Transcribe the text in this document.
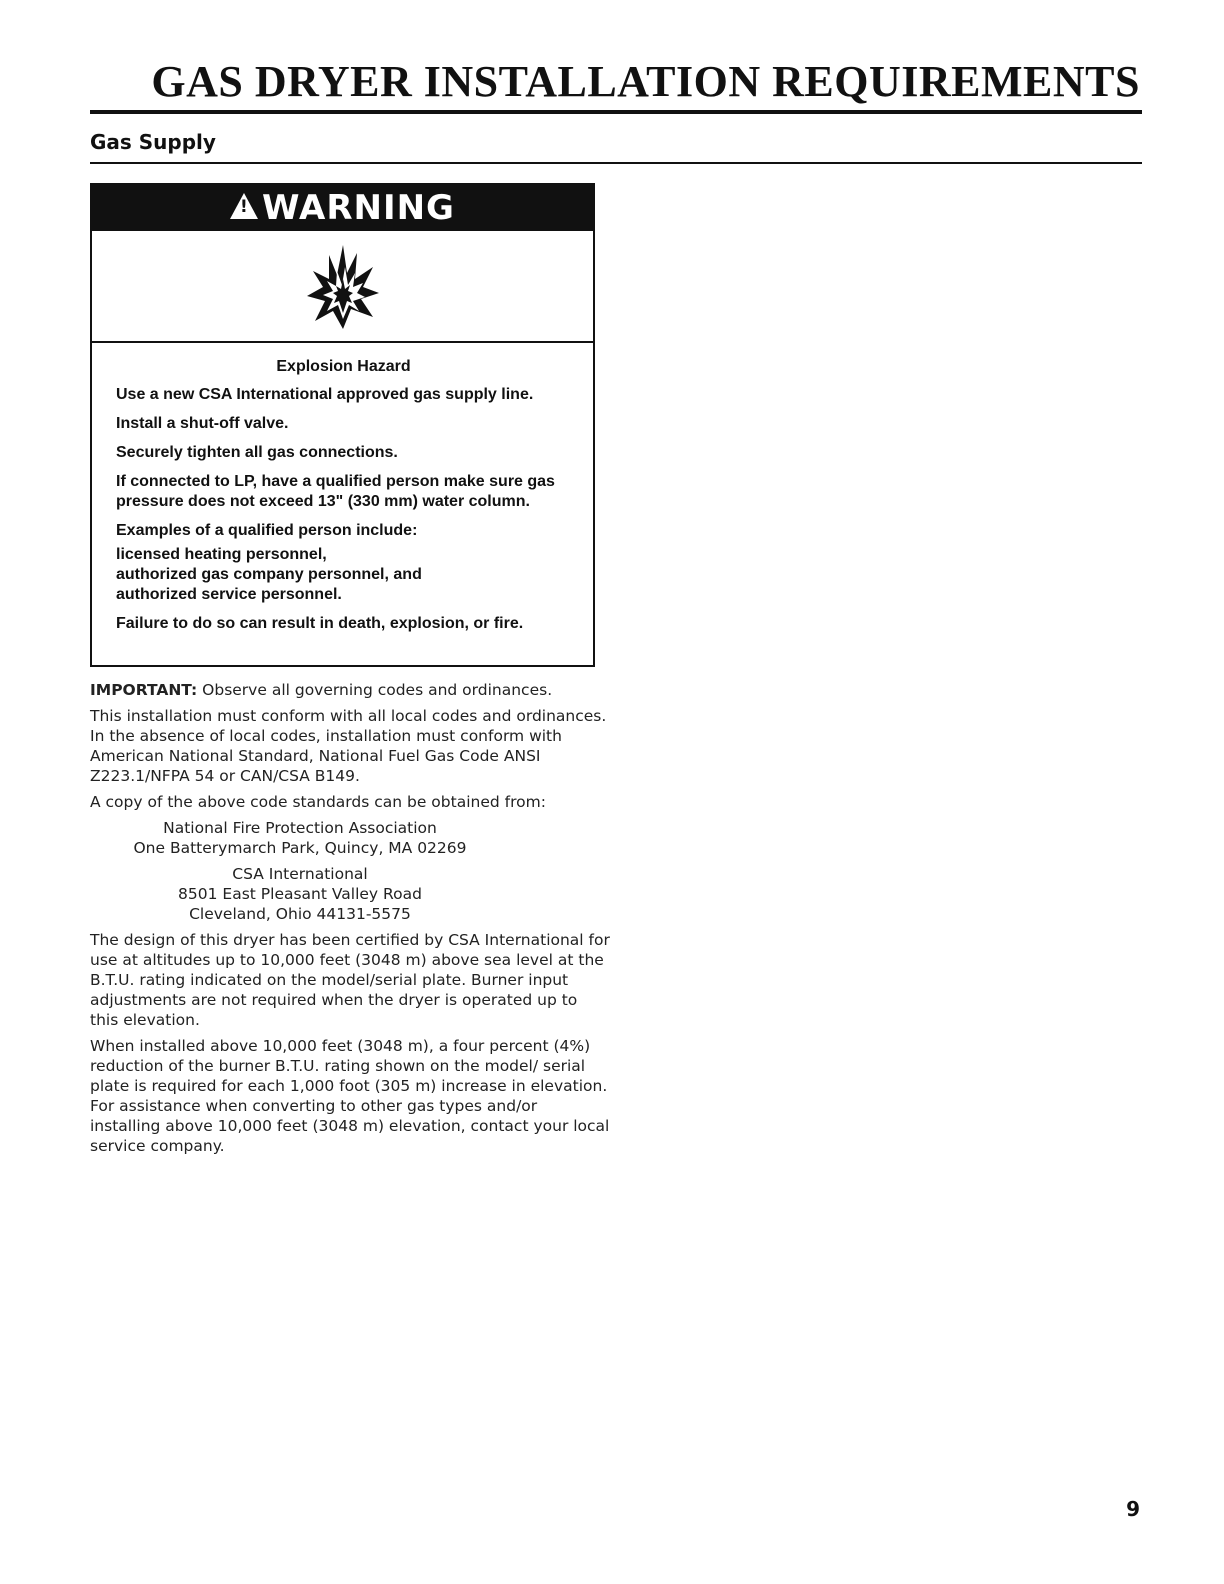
GAS DRYER INSTALLATION REQUIREMENTS
Gas Supply
!
WARNING
Explosion Hazard

Use a new CSA International approved gas supply line.

Install a shut-off valve.

Securely tighten all gas connections.

If connected to LP, have a qualified person make sure gas pressure does not exceed 13" (330 mm) water column.

Examples of a qualified person include:

licensed heating personnel,
authorized gas company personnel, and
authorized service personnel.

Failure to do so can result in death, explosion, or fire.

IMPORTANT: Observe all governing codes and ordinances.

This installation must conform with all local codes and ordinances. In the absence of local codes, installation must conform with American National Standard, National Fuel Gas Code ANSI Z223.1/NFPA 54 or CAN/CSA B149.

A copy of the above code standards can be obtained from:

National Fire Protection Association
One Batterymarch Park, Quincy, MA 02269
CSA International
8501 East Pleasant Valley Road
Cleveland, Ohio 44131-5575

The design of this dryer has been certified by CSA International for use at altitudes up to 10,000 feet (3048 m) above sea level at the B.T.U. rating indicated on the model/serial plate. Burner input adjustments are not required when the dryer is operated up to this elevation.

When installed above 10,000 feet (3048 m), a four percent (4%) reduction of the burner B.T.U. rating shown on the model/ serial plate is required for each 1,000 foot (305 m) increase in elevation. For assistance when converting to other gas types and/or installing above 10,000 feet (3048 m) elevation, contact your local service company.

9
